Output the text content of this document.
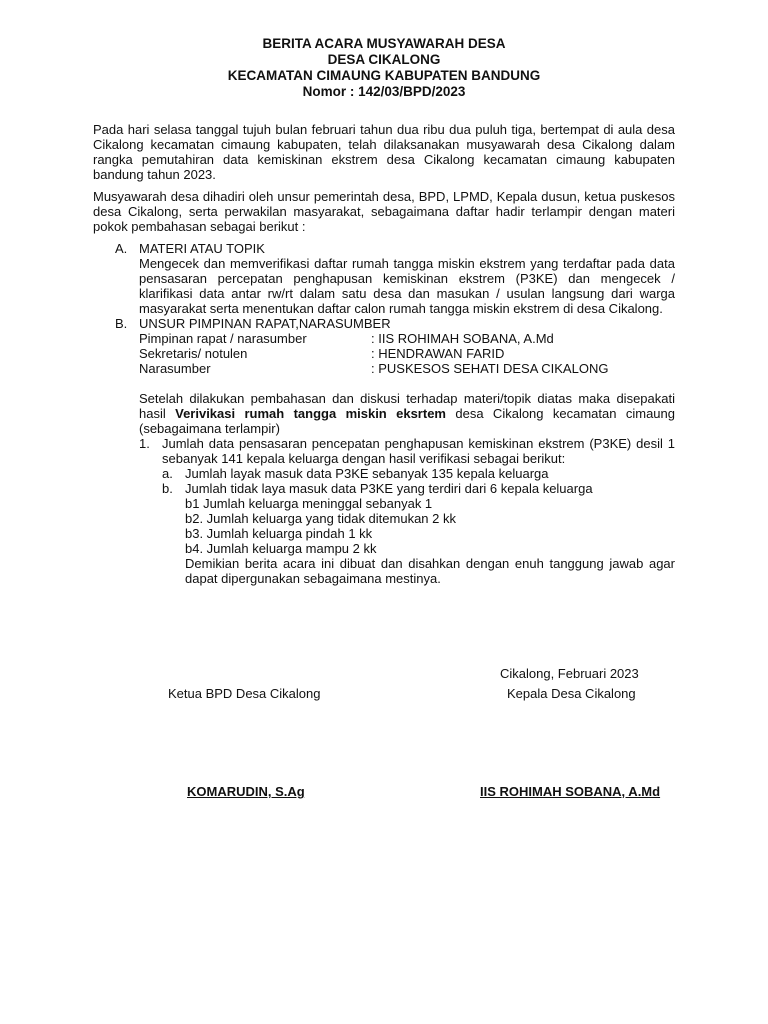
BERITA ACARA MUSYAWARAH DESA
DESA CIKALONG
KECAMATAN CIMAUNG KABUPATEN BANDUNG
Nomor : 142/03/BPD/2023

Pada hari selasa tanggal tujuh bulan februari tahun dua ribu dua puluh tiga, bertempat di aula desa Cikalong kecamatan cimaung kabupaten, telah dilaksanakan musyawarah desa Cikalong dalam rangka pemutahiran data kemiskinan ekstrem desa Cikalong kecamatan cimaung kabupaten bandung tahun 2023.

Musyawarah desa dihadiri oleh unsur pemerintah desa, BPD, LPMD, Kepala dusun, ketua puskesos desa Cikalong, serta perwakilan masyarakat, sebagaimana daftar hadir terlampir dengan materi pokok pembahasan sebagai berikut :

A. MATERI ATAU TOPIK

Mengecek dan memverifikasi daftar rumah tangga miskin ekstrem yang terdaftar pada data pensasaran percepatan penghapusan kemiskinan ekstrem (P3KE) dan mengecek / klarifikasi data antar rw/rt dalam satu desa dan masukan / usulan langsung dari warga masyarakat serta menentukan daftar calon rumah tangga miskin ekstrem di desa Cikalong.

B. UNSUR PIMPINAN RAPAT,NARASUMBER
Pimpinan rapat / narasumber	: IIS ROHIMAH SOBANA, A.Md
Sekretaris/ notulen	: HENDRAWAN FARID
Narasumber	: PUSKESOS SEHATI DESA CIKALONG

Setelah dilakukan pembahasan dan diskusi terhadap materi/topik diatas maka disepakati hasil Verivikasi rumah tangga miskin eksrtem desa Cikalong kecamatan cimaung (sebagaimana terlampir)

1. Jumlah data pensasaran pencepatan penghapusan kemiskinan ekstrem (P3KE) desil 1 sebanyak 141 kepala keluarga dengan hasil verifikasi sebagai berikut:
a. Jumlah layak masuk data P3KE sebanyak 135 kepala keluarga
b. Jumlah tidak laya masuk data P3KE yang terdiri dari 6 kepala keluarga
b1 Jumlah keluarga meninggal sebanyak 1
b2. Jumlah keluarga yang tidak ditemukan 2 kk
b3. Jumlah keluarga pindah 1 kk
b4. Jumlah keluarga mampu 2 kk

Demikian berita acara ini dibuat dan disahkan dengan enuh tanggung jawab agar dapat dipergunakan sebagaimana mestinya.

Cikalong, Februari 2023
Ketua BPD Desa Cikalong	Kepala Desa Cikalong
KOMARUDIN, S.Ag	IIS ROHIMAH SOBANA, A.Md
